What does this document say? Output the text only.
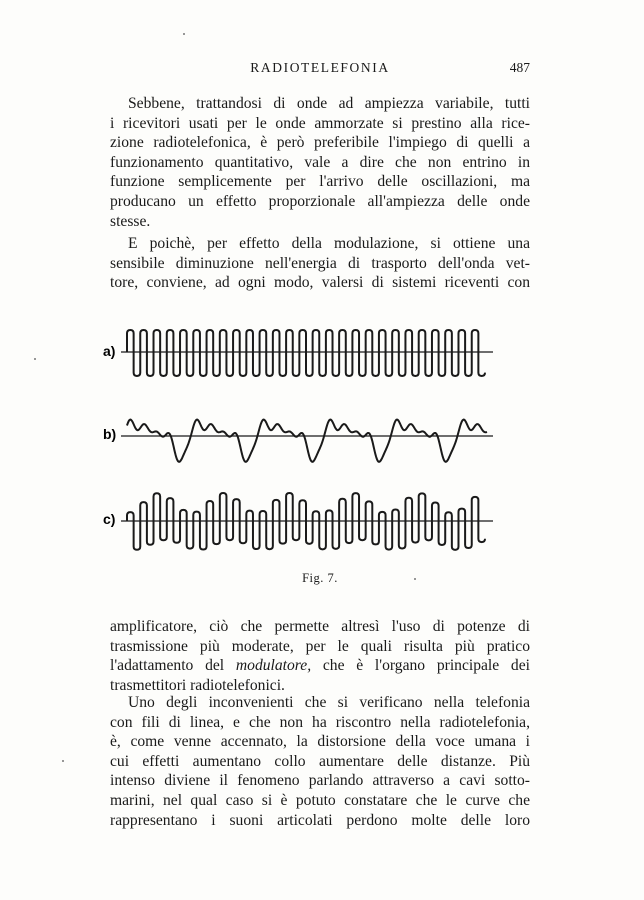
RADIOTELEFONIA	487
Sebbene, trattandosi di onde ad ampiezza variabile, tutti
i ricevitori usati per le onde ammorzate si prestino alla rice-
zione radiotelefonica, è però preferibile l'impiego di quelli a
funzionamento quantitativo, vale a dire che non entrino in
funzione semplicemente per l'arrivo delle oscillazioni, ma
producano un effetto proporzionale all'ampiezza delle onde
stesse.
E poichè, per effetto della modulazione, si ottiene una
sensibile diminuzione nell'energia di trasporto dell'onda vet-
tore, conviene, ad ogni modo, valersi di sistemi riceventi con
a)
b)
c)
Fig. 7.
amplificatore, ciò che permette altresì l'uso di potenze di
trasmissione più moderate, per le quali risulta più pratico
l'adattamento del modulatore, che è l'organo principale dei
trasmettitori radiotelefonici.
Uno degli inconvenienti che si verificano nella telefonia
con fili di linea, e che non ha riscontro nella radiotelefonia,
è, come venne accennato, la distorsione della voce umana i
cui effetti aumentano collo aumentare delle distanze. Più
intenso diviene il fenomeno parlando attraverso a cavi sotto-
marini, nel qual caso si è potuto constatare che le curve che
rappresentano i suoni articolati perdono molte delle loro
